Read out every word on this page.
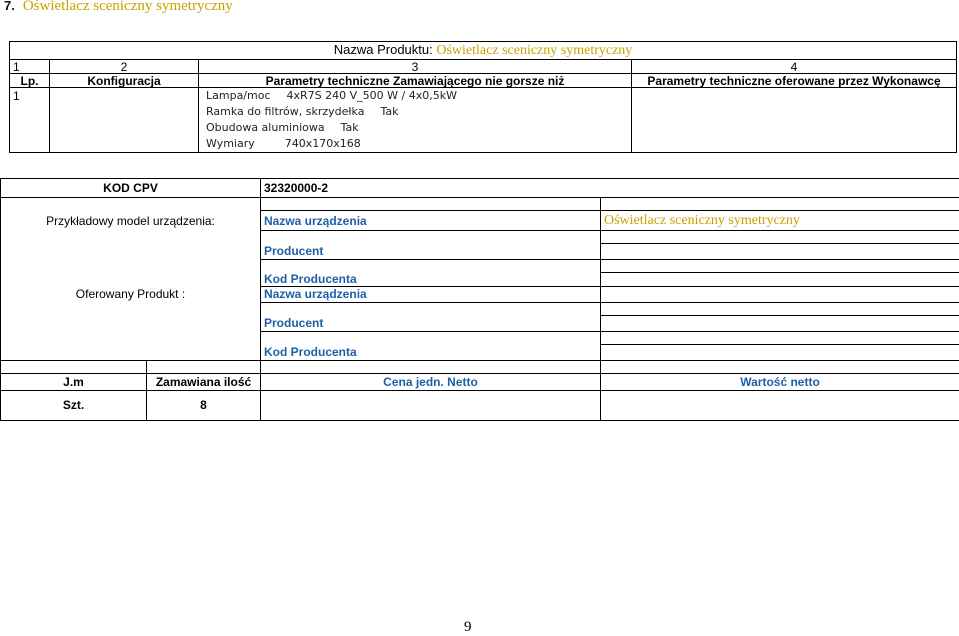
7. Oświetlacz sceniczny symetryczny
Nazwa Produktu: Oświetlacz sceniczny symetryczny			
1	2	3	4
Lp.	Konfiguracja	Parametry techniczne Zamawiającego nie gorsze niż	Parametry techniczne oferowane przez Wykonawcę
1		Lampa/moc 4xR7S 240 V_500 W / 4x0,5kW
Ramka do filtrów, skrzydełka Tak
Obudowa aluminiowa Tak
Wymiary 740x170x168	

KOD CPV		32320000-2	

Przykładowy model urządzenia:		Nazwa urządzenia	Oświetlacz sceniczny symetryczny

		Producent	

		Kod Producenta	
Oferowany Produkt :		Nazwa urządzenia	

		Producent	

		Kod Producenta	

J.m	Zamawiana ilość	Cena jedn. Netto	Wartość netto
Szt.	8		
9
